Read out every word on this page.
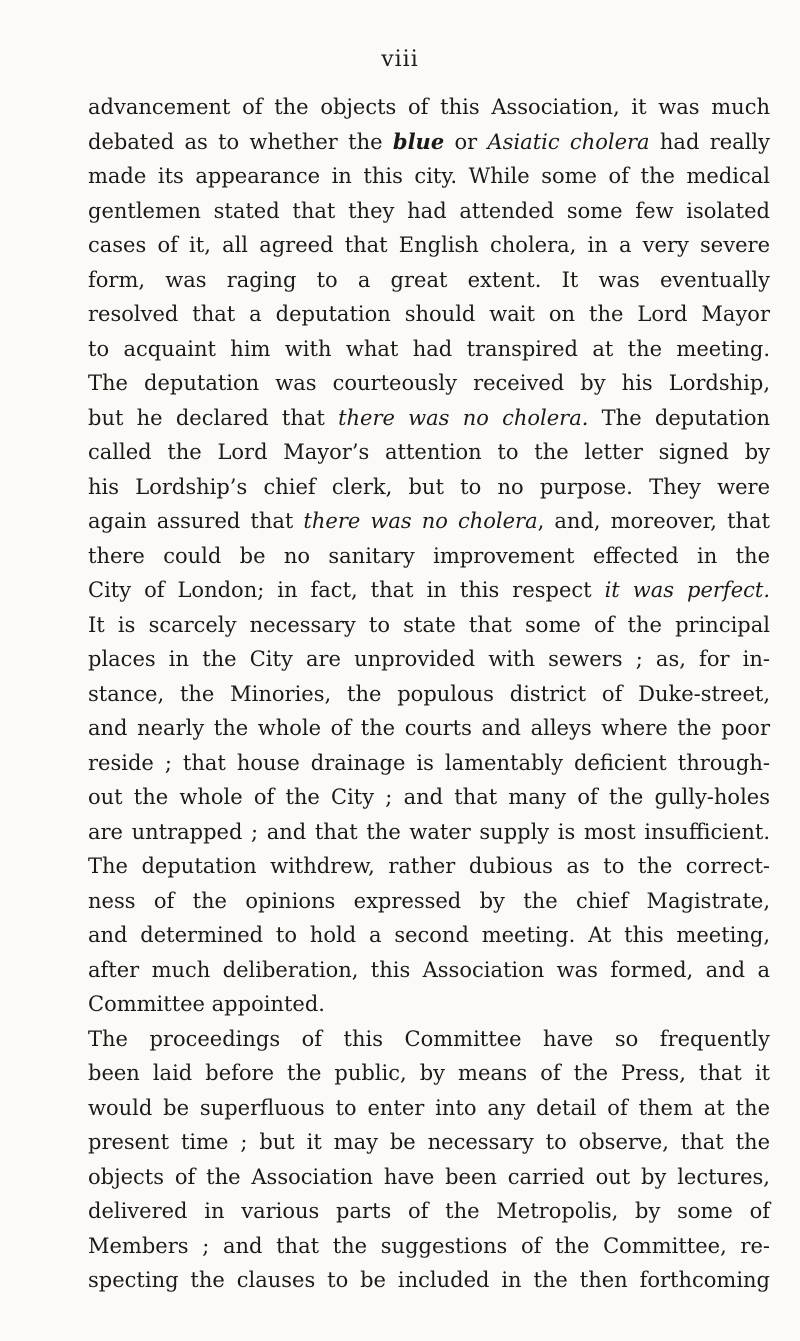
viii
advancement of the objects of this Association, it was much
debated as to whether the blue or Asiatic cholera had really
made its appearance in this city. While some of the medical
gentlemen stated that they had attended some few isolated
cases of it, all agreed that English cholera, in a very severe
form, was raging to a great extent. It was eventually
resolved that a deputation should wait on the Lord Mayor
to acquaint him with what had transpired at the meeting.
The deputation was courteously received by his Lordship,
but he declared that there was no cholera. The deputation
called the Lord Mayor’s attention to the letter signed by
his Lordship’s chief clerk, but to no purpose. They were
again assured that there was no cholera, and, moreover, that
there could be no sanitary improvement effected in the
City of London; in fact, that in this respect it was perfect.
It is scarcely necessary to state that some of the principal
places in the City are unprovided with sewers ; as, for in-
stance, the Minories, the populous district of Duke-street,
and nearly the whole of the courts and alleys where the poor
reside ; that house drainage is lamentably deficient through-
out the whole of the City ; and that many of the gully-holes
are untrapped ; and that the water supply is most insufficient.
The deputation withdrew, rather dubious as to the correct-
ness of the opinions expressed by the chief Magistrate,
and determined to hold a second meeting. At this meeting,
after much deliberation, this Association was formed, and a
Committee appointed.
The proceedings of this Committee have so frequently
been laid before the public, by means of the Press, that it
would be superfluous to enter into any detail of them at the
present time ; but it may be necessary to observe, that the
objects of the Association have been carried out by lectures,
delivered in various parts of the Metropolis, by some of
Members ; and that the suggestions of the Committee, re-
specting the clauses to be included in the then forthcoming
